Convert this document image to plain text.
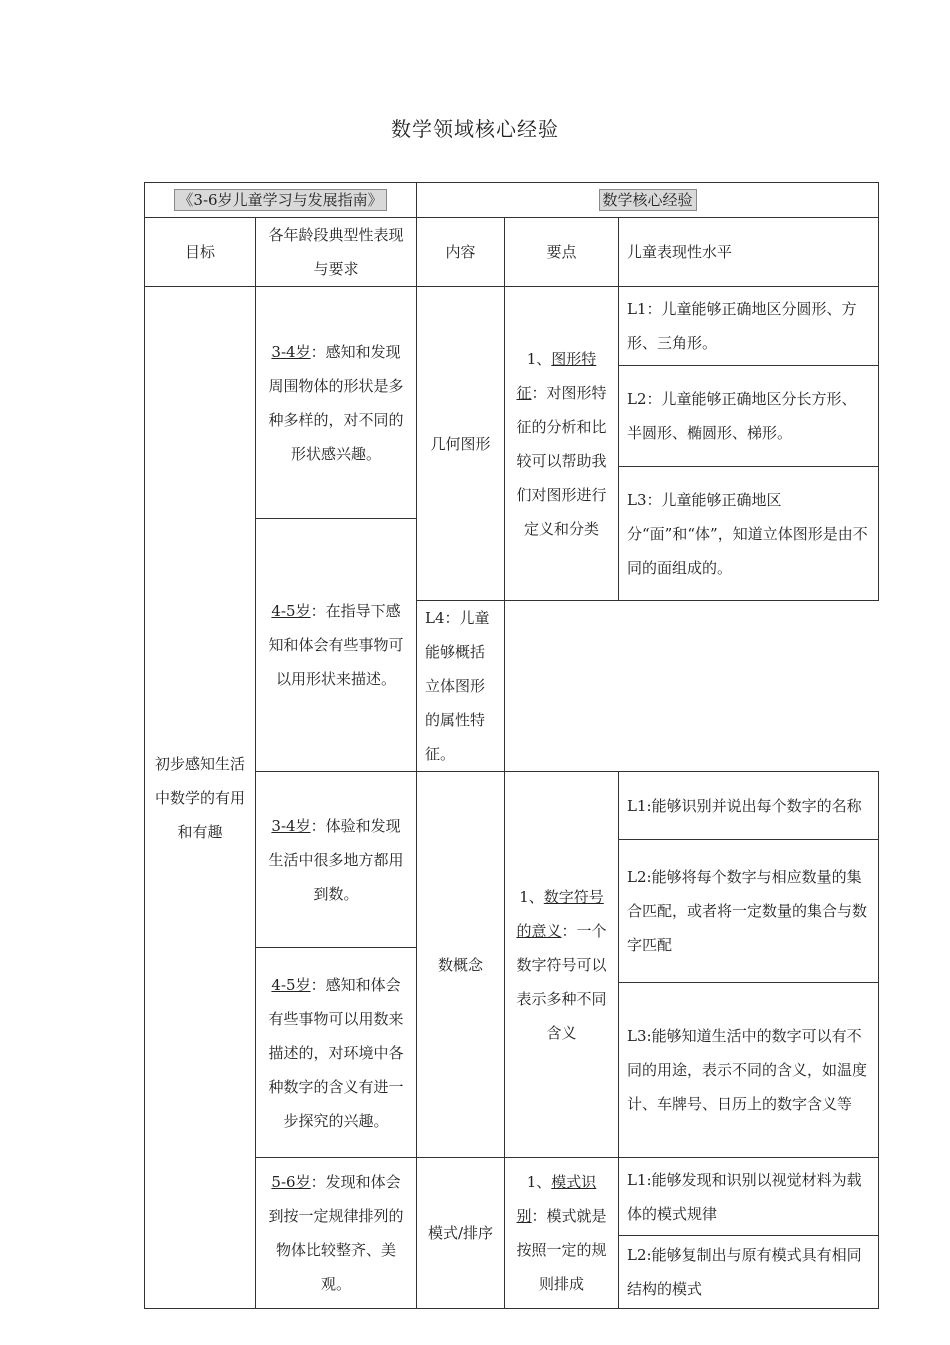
数学领域核心经验
《3-6岁儿童学习与发展指南》		数学核心经验		
目标	各年龄段典型性表现与要求	内容	要点	儿童表现性水平
初步感知生活中数学的有用和有趣	3-4岁：感知和发现周围物体的形状是多种多样的，对不同的形状感兴趣。	几何图形	1、图形特征：对图形特征的分析和比较可以帮助我们对图形进行定义和分类	L1：儿童能够正确地区分圆形、方形、三角形。
				L2：儿童能够正确地区分长方形、半圆形、椭圆形、梯形。
				L3：儿童能够正确地区分“面”和“体”，知道立体图形是由不同的面组成的。
	4-5岁：在指导下感知和体会有些事物可以用形状来描述。			
		L4：儿童能够概括立体图形的属性特征。		
	3-4岁：体验和发现生活中很多地方都用到数。	数概念	1、数字符号的意义：一个数字符号可以表示多种不同含义	L1:能够识别并说出每个数字的名称
				L2:能够将每个数字与相应数量的集合匹配，或者将一定数量的集合与数字匹配
	4-5岁：感知和体会有些事物可以用数来描述的，对环境中各种数字的含义有进一步探究的兴趣。			
				L3:能够知道生活中的数字可以有不同的用途，表示不同的含义，如温度计、车牌号、日历上的数字含义等
	5-6岁：发现和体会到按一定规律排列的物体比较整齐、美观。	模式/排序	1、模式识别：模式就是按照一定的规则排成	L1:能够发现和识别以视觉材料为载体的模式规律
				L2:能够复制出与原有模式具有相同结构的模式
